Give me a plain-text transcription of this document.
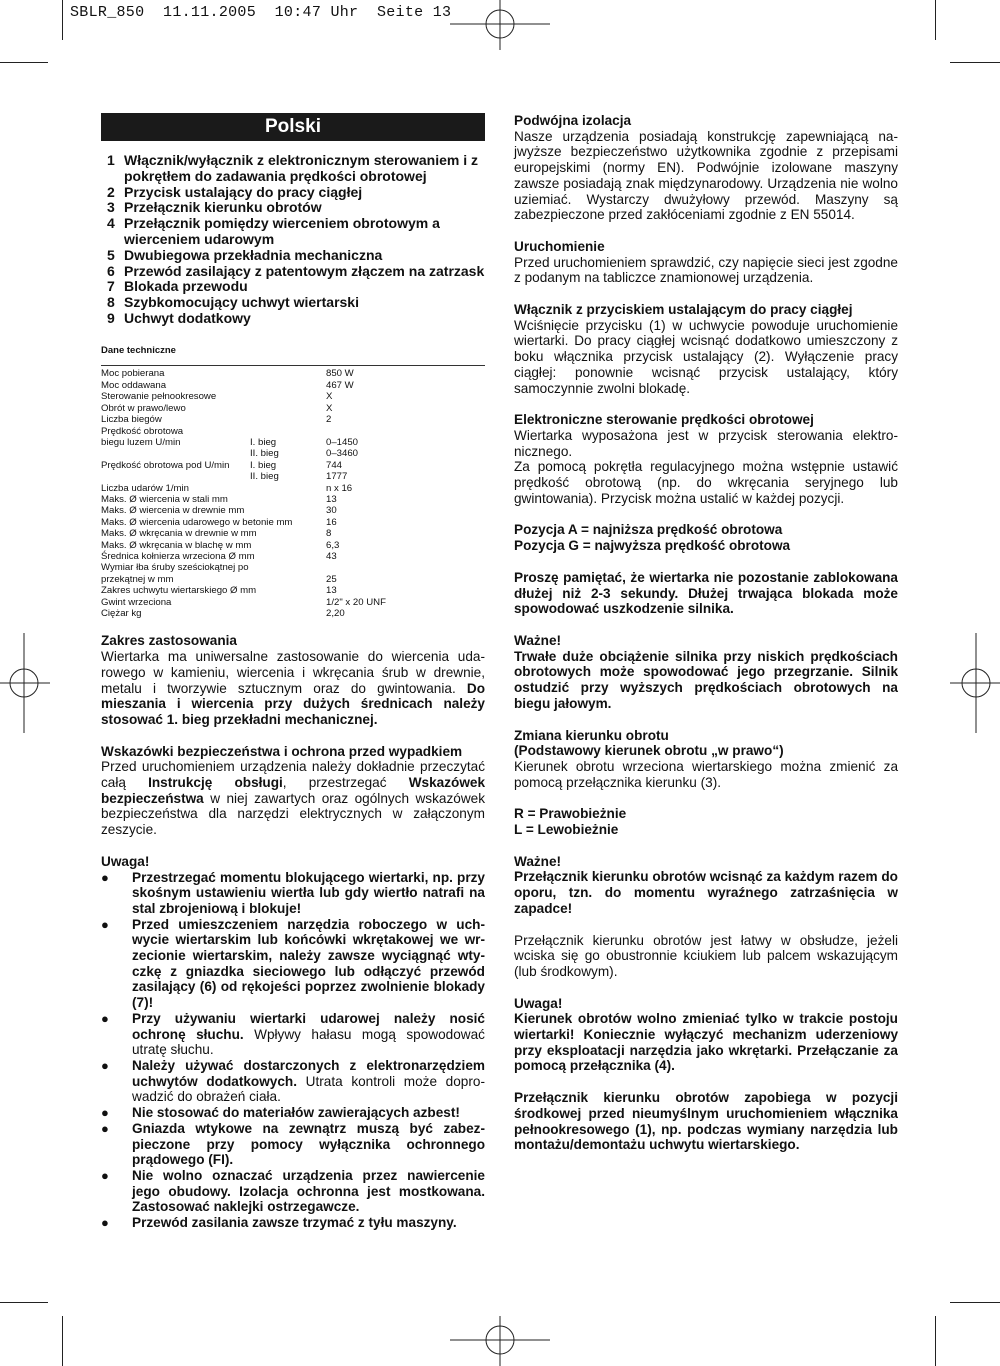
SBLR_850  11.11.2005  10:47 Uhr  Seite 13
Polski
1 Włącznik/wyłącznik z elektronicznym sterowaniem i z pokrętłem do zadawania prędkości obrotowej
2 Przycisk ustalający do pracy ciągłej
3 Przełącznik kierunku obrotów
4 Przełącznik pomiędzy wierceniem obrotowym a wierceniem udarowym
5 Dwubiegowa przekładnia mechaniczna
6 Przewód zasilający z patentowym złączem na zatrzask
7 Blokada przewodu
8 Szybkomocujący uchwyt wiertarski
9 Uchwyt dodatkowy
Dane techniczne
Moc pobierana	850 W
Moc oddawana	467 W
Sterowanie pełnookresowe	X
Obrót w prawo/lewo	X
Liczba biegów	2
Prędkość obrotowa
biegu luzem U/min	I. bieg	0–1450
II. bieg	0–3460
Prędkość obrotowa pod U/min	I. bieg	744
II. bieg	1777
Liczba udarów 1/min	n x 16
Maks. Ø wiercenia w stali mm	13
Maks. Ø wiercenia w drewnie mm	30
Maks. Ø wiercenia udarowego w betonie mm	16
Maks. Ø wkręcania w drewnie w mm	8
Maks. Ø wkręcania w blachę w mm	6,3
Średnica kołnierza wrzeciona Ø mm	43
Wymiar łba śruby sześciokątnej po
przekątnej w mm	25
Zakres uchwytu wiertarskiego Ø mm	13
Gwint wrzeciona	1/2" x 20 UNF
Ciężar kg	2,20
Zakres zastosowania

Wiertarka ma uniwersalne zastosowanie do wiercenia udarowego w kamieniu, wiercenia i wkręcania śrub w drewnie, metalu i tworzywie sztucznym oraz do gwintowania. Do mieszania i wiercenia przy dużych średnicach należy stosować 1. bieg przekładni mechanicznej.

Wskazówki bezpieczeństwa i ochrona przed wypadkiem

Przed uruchomieniem urządzenia należy dokładnie przeczytać całą Instrukcję obsługi, przestrzegać Wskazówek bezpieczeństwa w niej zawartych oraz ogólnych wskazówek bezpieczeństwa dla narzędzi elektrycznych w załączonym zeszycie.

Uwaga!
●	Przestrzegać momentu blokującego wiertarki, np. przy skośnym ustawieniu wiertła lub gdy wiertło natrafi na stal zbrojeniową i blokuje!
●	Przed umieszczeniem narzędzia roboczego w uchwycie wiertarskim lub końcówki wkrętakowej we wrzecionie wiertarskim, należy zawsze wyciągnąć wtyczkę z gniazdka sieciowego lub odłączyć przewód zasilający (6) od rękojeści poprzez zwolnienie blokady (7)!
●	Przy używaniu wiertarki udarowej należy nosić ochronę słuchu. Wpływy hałasu mogą spowodować utratę słuchu.
●	Należy używać dostarczonych z elektronarzędziem uchwytów dodatkowych. Utrata kontroli może doprowadzić do obrażeń ciała.
●	Nie stosować do materiałów zawierających azbest!
●	Gniazda wtykowe na zewnątrz muszą być zabezpieczone przy pomocy wyłącznika ochronnego prądowego (FI).
●	Nie wolno oznaczać urządzenia przez nawiercenie jego obudowy. Izolacja ochronna jest mostkowana. Zastosować naklejki ostrzegawcze.
●	Przewód zasilania zawsze trzymać z tyłu maszyny.
Podwójna izolacja

Nasze urządzenia posiadają konstrukcję zapewniającą najwyższe bezpieczeństwo użytkownika zgodnie z przepisami europejskimi (normy EN). Podwójnie izolowane maszyny zawsze posiadają znak międzynarodowy. Urządzenia nie wolno uziemiać. Wystarczy dwużyłowy przewód. Maszyny są zabezpieczone przed zakłóceniami zgodnie z EN 55014.

Uruchomienie

Przed uruchomieniem sprawdzić, czy napięcie sieci jest zgodne z podanym na tabliczce znamionowej urządzenia.

Włącznik z przyciskiem ustalającym do pracy ciągłej

Wciśnięcie przycisku (1) w uchwycie powoduje uruchomienie wiertarki. Do pracy ciągłej wcisnąć dodatkowo umieszczony z boku włącznika przycisk ustalający (2). Wyłączenie pracy ciągłej: ponownie wcisnąć przycisk ustalający, który samoczynnie zwolni blokadę.

Elektroniczne sterowanie prędkości obrotowej

Wiertarka wyposażona jest w przycisk sterowania elektronicznego.

Za pomocą pokrętła regulacyjnego można wstępnie ustawić prędkość obrotową (np. do wkręcania seryjnego lub gwintowania). Przycisk można ustalić w każdej pozycji.

Pozycja A = najniższa prędkość obrotowa

Pozycja G = najwyższa prędkość obrotowa

Proszę pamiętać, że wiertarka nie pozostanie zablokowana dłużej niż 2-3 sekundy. Dłużej trwająca blokada może spowodować uszkodzenie silnika.

Ważne!

Trwałe duże obciążenie silnika przy niskich prędkościach obrotowych może spowodować jego przegrzanie. Silnik ostudzić przy wyższych prędkościach obrotowych na biegu jałowym.

Zmiana kierunku obrotu
(Podstawowy kierunek obrotu „w prawo“)

Kierunek obrotu wrzeciona wiertarskiego można zmienić za pomocą przełącznika kierunku (3).

R = Prawobieżnie

L = Lewobieżnie

Ważne!

Przełącznik kierunku obrotów wcisnąć za każdym razem do oporu, tzn. do momentu wyraźnego zatrzaśnięcia w zapadce!

Przełącznik kierunku obrotów jest łatwy w obsłudze, jeżeli wciska się go obustronnie kciukiem lub palcem wskazującym (lub środkowym).

Uwaga!

Kierunek obrotów wolno zmieniać tylko w trakcie postoju wiertarki! Koniecznie wyłączyć mechanizm uderzeniowy przy eksploatacji narzędzia jako wkrętarki. Przełączanie za pomocą przełącznika (4).

Przełącznik kierunku obrotów zapobiega w pozycji środkowej przed nieumyślnym uruchomieniem włącznika pełnookresowego (1), np. podczas wymiany narzędzia lub montażu/demontażu uchwytu wiertarskiego.
